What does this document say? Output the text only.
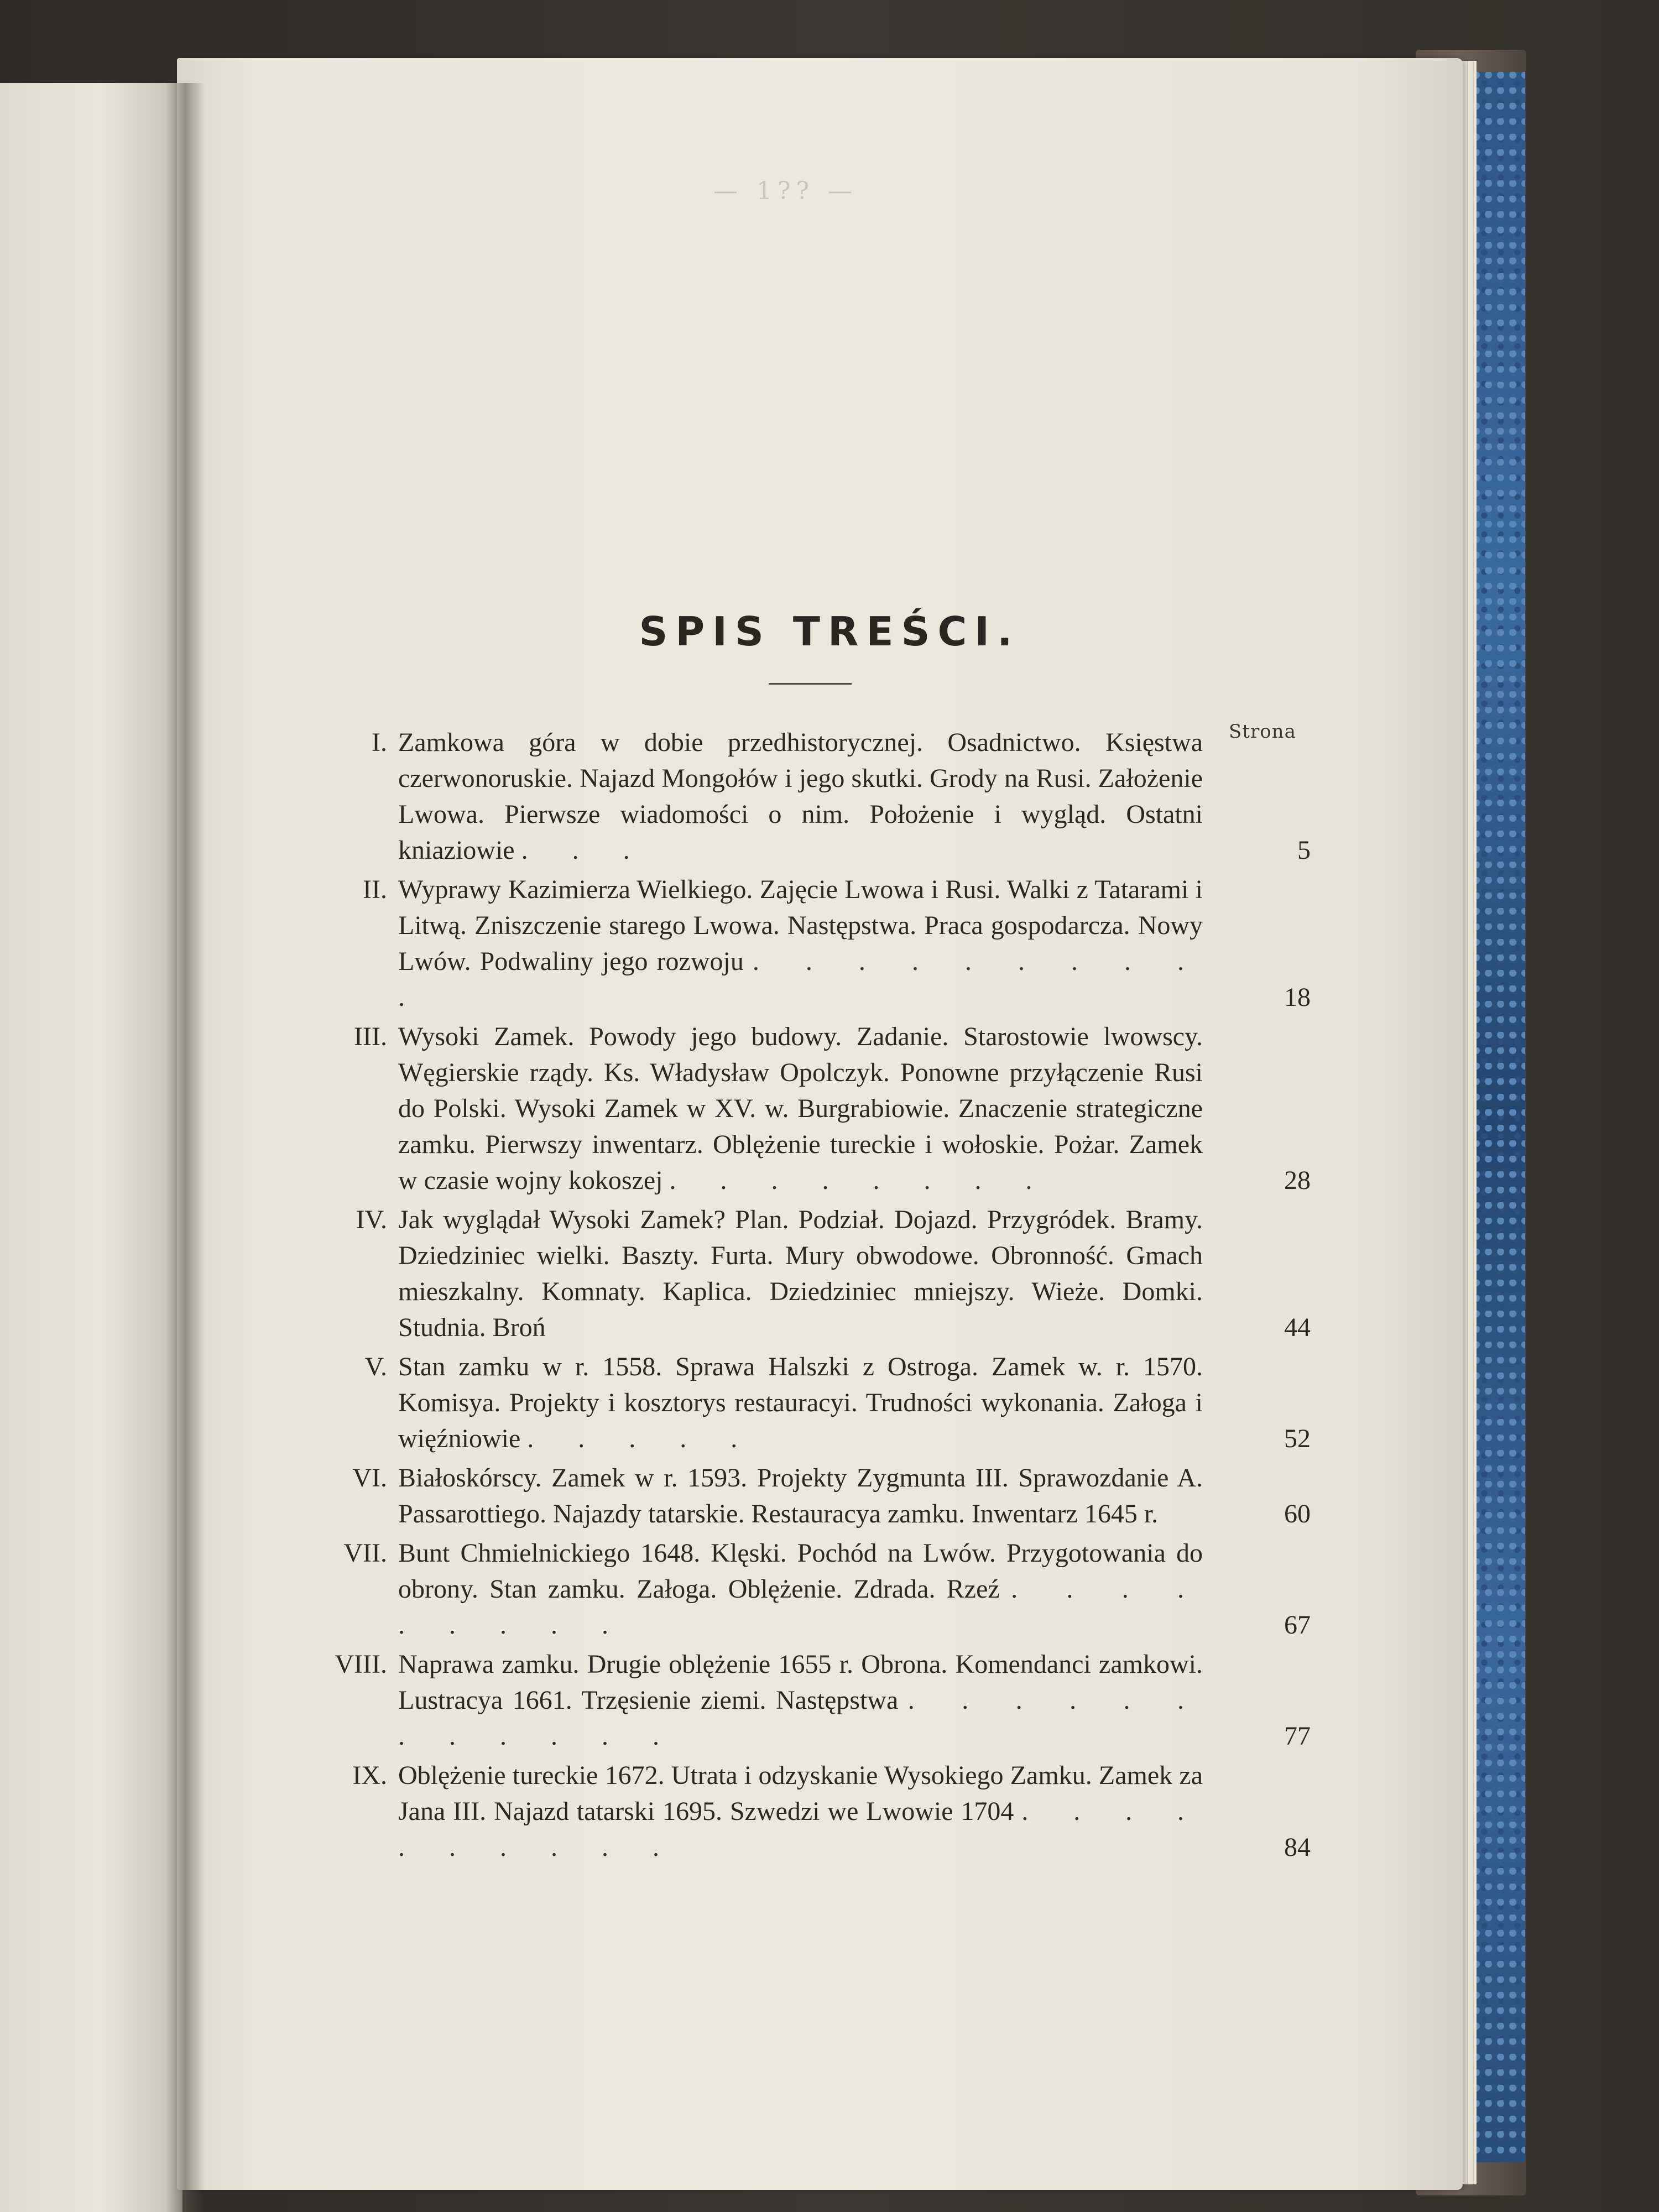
— 1?? —
SPIS TREŚCI.
Strona
I. Zamkowa góra w dobie przedhistorycznej. Osadnictwo. Księstwa czerwonoruskie. Najazd Mongołów i jego skutki. Grody na Rusi. Założenie Lwowa. Pierwsze wiadomości o nim. Położenie i wygląd. Ostatni kniaziowie . . .	5
II. Wyprawy Kazimierza Wielkiego. Zajęcie Lwowa i Rusi. Walki z Tatarami i Litwą. Zniszczenie starego Lwowa. Następstwa. Praca gospodarcza. Nowy Lwów. Podwaliny jego rozwoju . . . . . . . . . .	18
III. Wysoki Zamek. Powody jego budowy. Zadanie. Starostowie lwowscy. Węgierskie rządy. Ks. Władysław Opolczyk. Ponowne przyłączenie Rusi do Polski. Wysoki Zamek w XV. w. Burgrabiowie. Znaczenie strategiczne zamku. Pierwszy inwentarz. Oblężenie tureckie i wołoskie. Pożar. Zamek w czasie wojny kokoszej . . . . . . . .	28
IV. Jak wyglądał Wysoki Zamek? Plan. Podział. Dojazd. Przygródek. Bramy. Dziedziniec wielki. Baszty. Furta. Mury obwodowe. Obronność. Gmach mieszkalny. Komnaty. Kaplica. Dziedziniec mniejszy. Wieże. Domki. Studnia. Broń	44
V. Stan zamku w r. 1558. Sprawa Halszki z Ostroga. Zamek w. r. 1570. Komisya. Projekty i kosztorys restauracyi. Trudności wykonania. Załoga i więźniowie . . . . .	52
VI. Białoskórscy. Zamek w r. 1593. Projekty Zygmunta III. Sprawozdanie A. Passarottiego. Najazdy tatarskie. Restauracya zamku. Inwentarz 1645 r.	60
VII. Bunt Chmielnickiego 1648. Klęski. Pochód na Lwów. Przygotowania do obrony. Stan zamku. Załoga. Oblężenie. Zdrada. Rzeź . . . . . . . . .	67
VIII. Naprawa zamku. Drugie oblężenie 1655 r. Obrona. Komendanci zamkowi. Lustracya 1661. Trzęsienie ziemi. Następstwa . . . . . . . . . . . .	77
IX. Oblężenie tureckie 1672. Utrata i odzyskanie Wysokiego Zamku. Zamek za Jana III. Najazd tatarski 1695. Szwedzi we Lwowie 1704 . . . . . . . . . .	84
